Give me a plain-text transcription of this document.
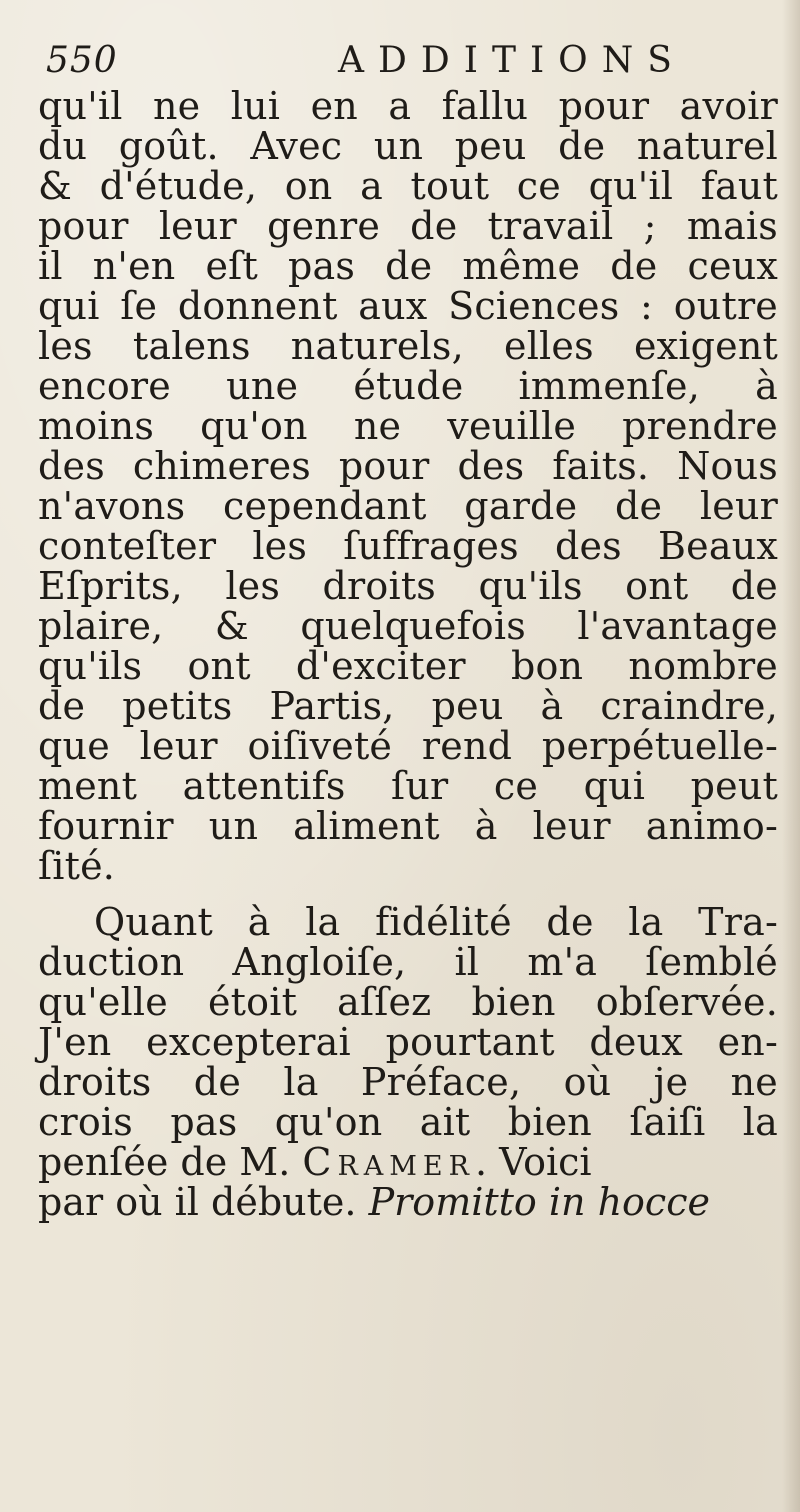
550	ADDITIONS
qu'il ne lui en a fallu pour avoir
du goût. Avec un peu de naturel
& d'étude, on a tout ce qu'il faut
pour leur genre de travail ; mais
il n'en eſt pas de même de ceux
qui ſe donnent aux Sciences : outre
les talens naturels, elles exigent
encore une étude immenſe, à
moins qu'on ne veuille prendre
des chimeres pour des faits. Nous
n'avons cependant garde de leur
conteſter les ſuffrages des Beaux
Eſprits, les droits qu'ils ont de
plaire, & quelquefois l'avantage
qu'ils ont d'exciter bon nombre
de petits Partis, peu à craindre,
que leur oiſiveté rend perpétuelle-
ment attentifs ſur ce qui peut
fournir un aliment à leur animo-
ſité.
Quant à la fidélité de la Tra-
duction Angloiſe, il m'a ſemblé
qu'elle étoit aſſez bien obſervée.
J'en excepterai pourtant deux en-
droits de la Préface, où je ne
crois pas qu'on ait bien ſaiſi la
penſée de M. Cramer. Voici
par où il débute. Promitto in hocce
